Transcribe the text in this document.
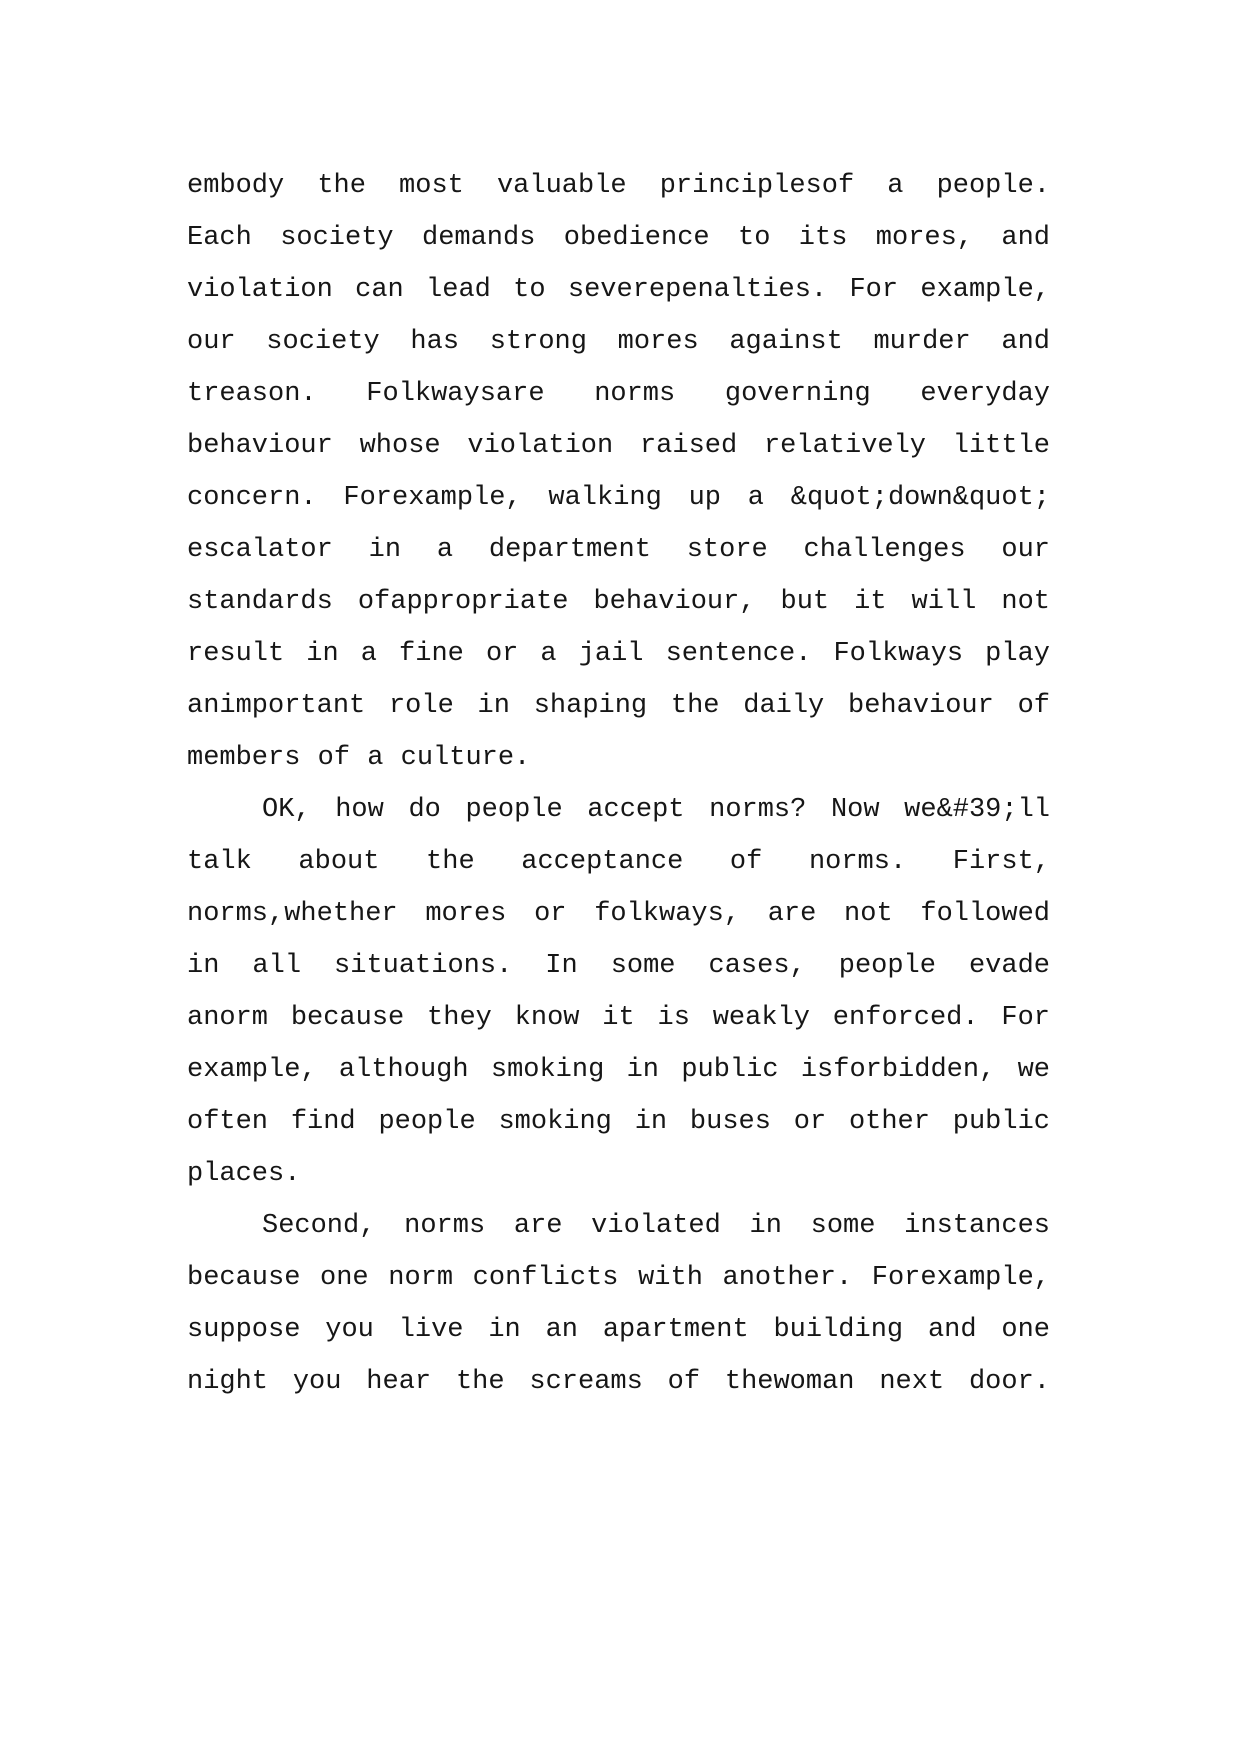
embody the most valuable principlesof a people.
Each society demands obedience to its mores, and
violation can lead to severepenalties. For example,
our society has strong mores against murder and
treason. Folkwaysare norms governing everyday
behaviour whose violation raised relatively little
concern. Forexample, walking up a &quot;down&quot;
escalator in a department store challenges our
standards ofappropriate behaviour, but it will not
result in a fine or a jail sentence. Folkways play
animportant role in shaping the daily behaviour of
members of a culture.
OK, how do people accept norms? Now we&#39;ll
talk about the acceptance of norms. First,
norms,whether mores or folkways, are not followed
in all situations. In some cases, people evade
anorm because they know it is weakly enforced. For
example, although smoking in public isforbidden, we
often find people smoking in buses or other public
places.
Second, norms are violated in some instances
because one norm conflicts with another. Forexample,
suppose you live in an apartment building and one
night you hear the screams of thewoman next door.
